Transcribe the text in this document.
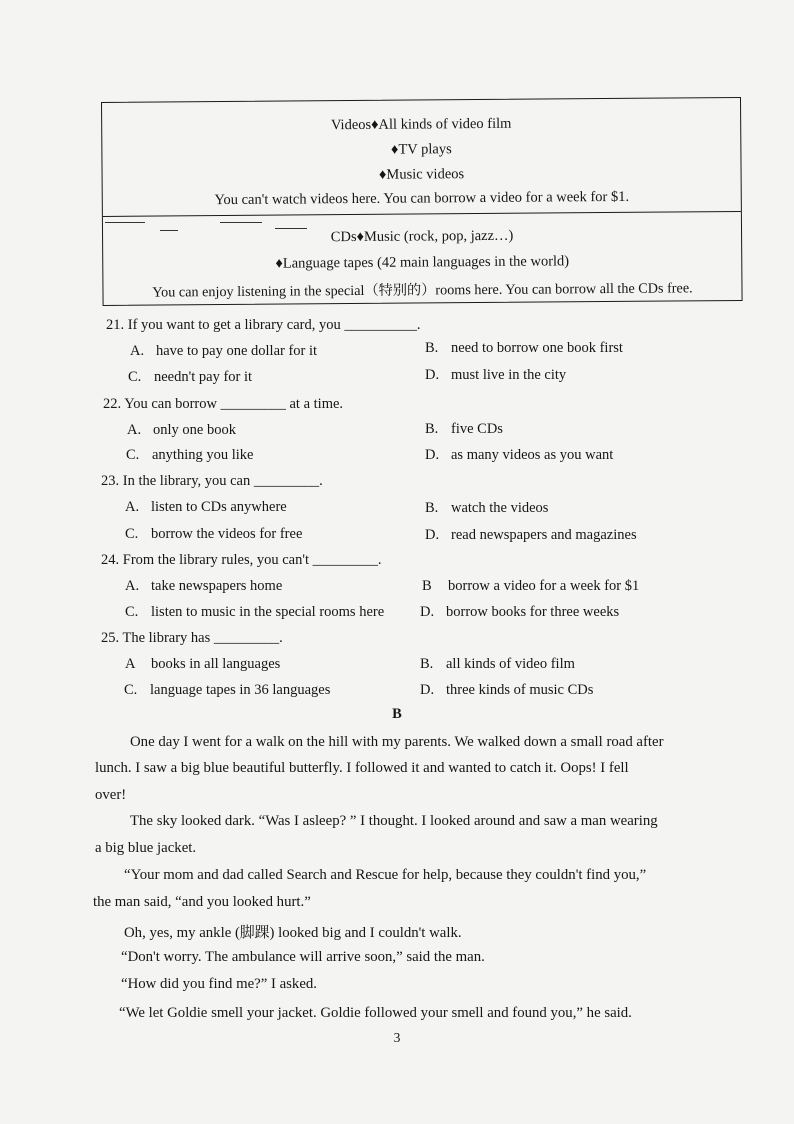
Videos♦All kinds of video film
♦TV plays
♦Music videos
You can't watch videos here. You can borrow a video for a week for $1.
CDs♦Music (rock, pop, jazz…)
♦Language tapes (42 main languages in the world)
You can enjoy listening in the special（特别的）rooms here. You can borrow all the CDs free.
21. If you want to get a library card, you __________.
A. have to pay one dollar for it	B. need to borrow one book first
C. needn't pay for it	D. must live in the city
22. You can borrow _________ at a time.
A. only one book	B. five CDs
C. anything you like	D. as many videos as you want
23. In the library, you can _________.
A. listen to CDs anywhere	B. watch the videos
C. borrow the videos for free	D. read newspapers and magazines
24. From the library rules, you can't _________.
A. take newspapers home	B borrow a video for a week for $1
C. listen to music in the special rooms here D. borrow books for three weeks
25. The library has _________.
A books in all languages	B. all kinds of video film
C. language tapes in 36 languages	D. three kinds of music CDs
B
One day I went for a walk on the hill with my parents. We walked down a small road after
lunch. I saw a big blue beautiful butterfly. I followed it and wanted to catch it. Oops! I fell
over!
The sky looked dark. “Was I asleep? ” I thought. I looked around and saw a man wearing
a big blue jacket.
“Your mom and dad called Search and Rescue for help, because they couldn't find you,”
the man said, “and you looked hurt.”
Oh, yes, my ankle (脚踝) looked big and I couldn't walk.
“Don't worry. The ambulance will arrive soon,” said the man.
“How did you find me?” I asked.
“We let Goldie smell your jacket. Goldie followed your smell and found you,” he said.
3
